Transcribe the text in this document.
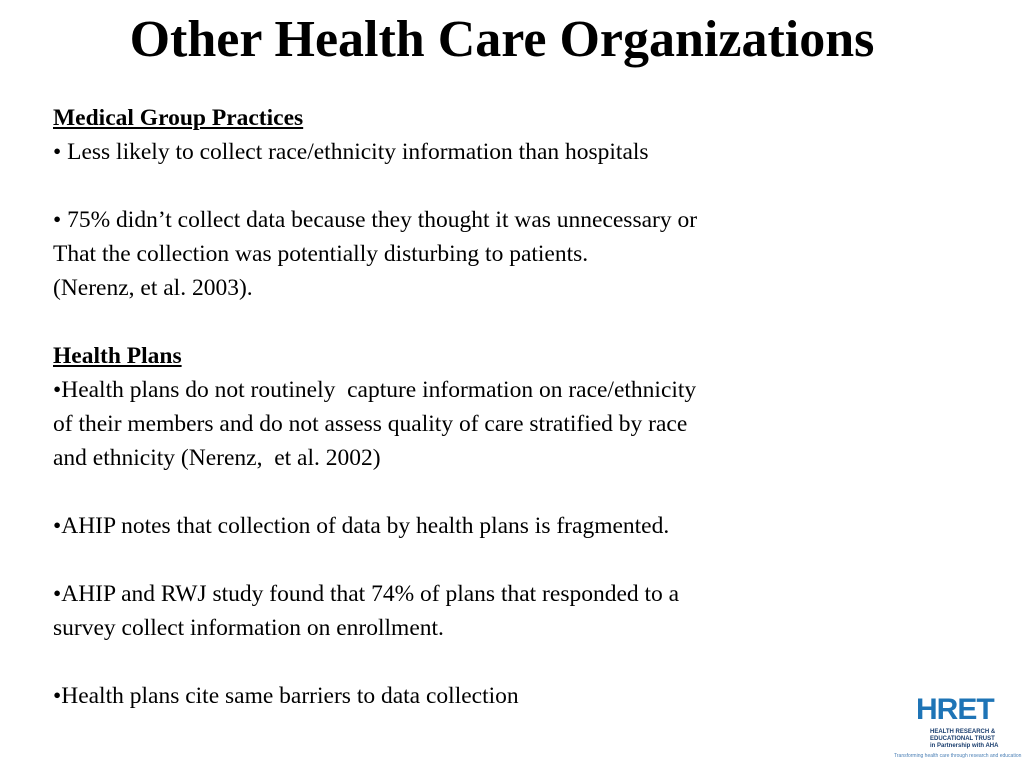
Other Health Care Organizations

Medical Group Practices

• Less likely to collect race/ethnicity information than hospitals

• 75% didn’t collect data because they thought it was unnecessary or

That the collection was potentially disturbing to patients.

(Nerenz, et al. 2003).

Health Plans

•Health plans do not routinely  capture information on race/ethnicity

of their members and do not assess quality of care stratified by race

and ethnicity (Nerenz,  et al. 2002)

•AHIP notes that collection of data by health plans is fragmented.

•AHIP and RWJ study found that 74% of plans that responded to a

survey collect information on enrollment.

•Health plans cite same barriers to data collection	HRET
HEALTH RESEARCH & EDUCATIONAL TRUST
in Partnership with AHA
Transforming health care through research and education
